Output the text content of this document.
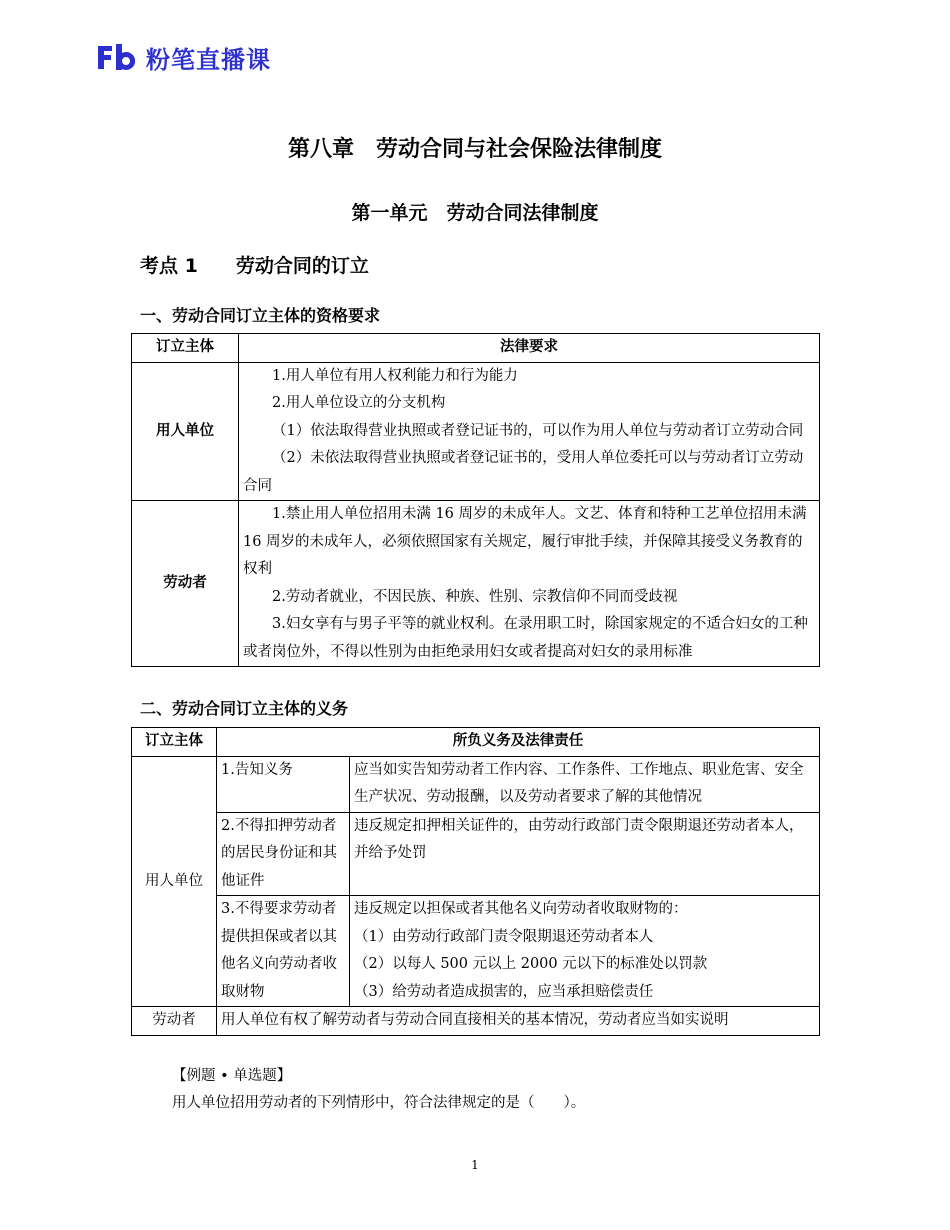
粉笔直播课
第八章　劳动合同与社会保险法律制度
第一单元　劳动合同法律制度
考点 1　　劳动合同的订立
一、劳动合同订立主体的资格要求
订立主体	法律要求
用人单位	1.用人单位有用人权利能力和行为能力

2.用人单位设立的分支机构

（1）依法取得营业执照或者登记证书的，可以作为用人单位与劳动者订立劳动合同

（2）未依法取得营业执照或者登记证书的，受用人单位委托可以与劳动者订立劳动合同

劳动者	1.禁止用人单位招用未满 16 周岁的未成年人。文艺、体育和特种工艺单位招用未满 16 周岁的未成年人，必须依照国家有关规定，履行审批手续，并保障其接受义务教育的权利

2.劳动者就业，不因民族、种族、性别、宗教信仰不同而受歧视

3.妇女享有与男子平等的就业权利。在录用职工时，除国家规定的不适合妇女的工种或者岗位外，不得以性别为由拒绝录用妇女或者提高对妇女的录用标准

二、劳动合同订立主体的义务
订立主体	所负义务及法律责任	
用人单位	1.告知义务	应当如实告知劳动者工作内容、工作条件、工作地点、职业危害、安全生产状况、劳动报酬，以及劳动者要求了解的其他情况

	2.不得扣押劳动者的居民身份证和其他证件	违反规定扣押相关证件的，由劳动行政部门责令限期退还劳动者本人，并给予处罚

	3.不得要求劳动者提供担保或者以其他名义向劳动者收取财物	违反规定以担保或者其他名义向劳动者收取财物的：

（1）由劳动行政部门责令限期退还劳动者本人

（2）以每人 500 元以上 2000 元以下的标准处以罚款

（3）给劳动者造成损害的，应当承担赔偿责任

劳动者	用人单位有权了解劳动者与劳动合同直接相关的基本情况，劳动者应当如实说明	
【例题 • 单选题】
用人单位招用劳动者的下列情形中，符合法律规定的是（　　）。
1
